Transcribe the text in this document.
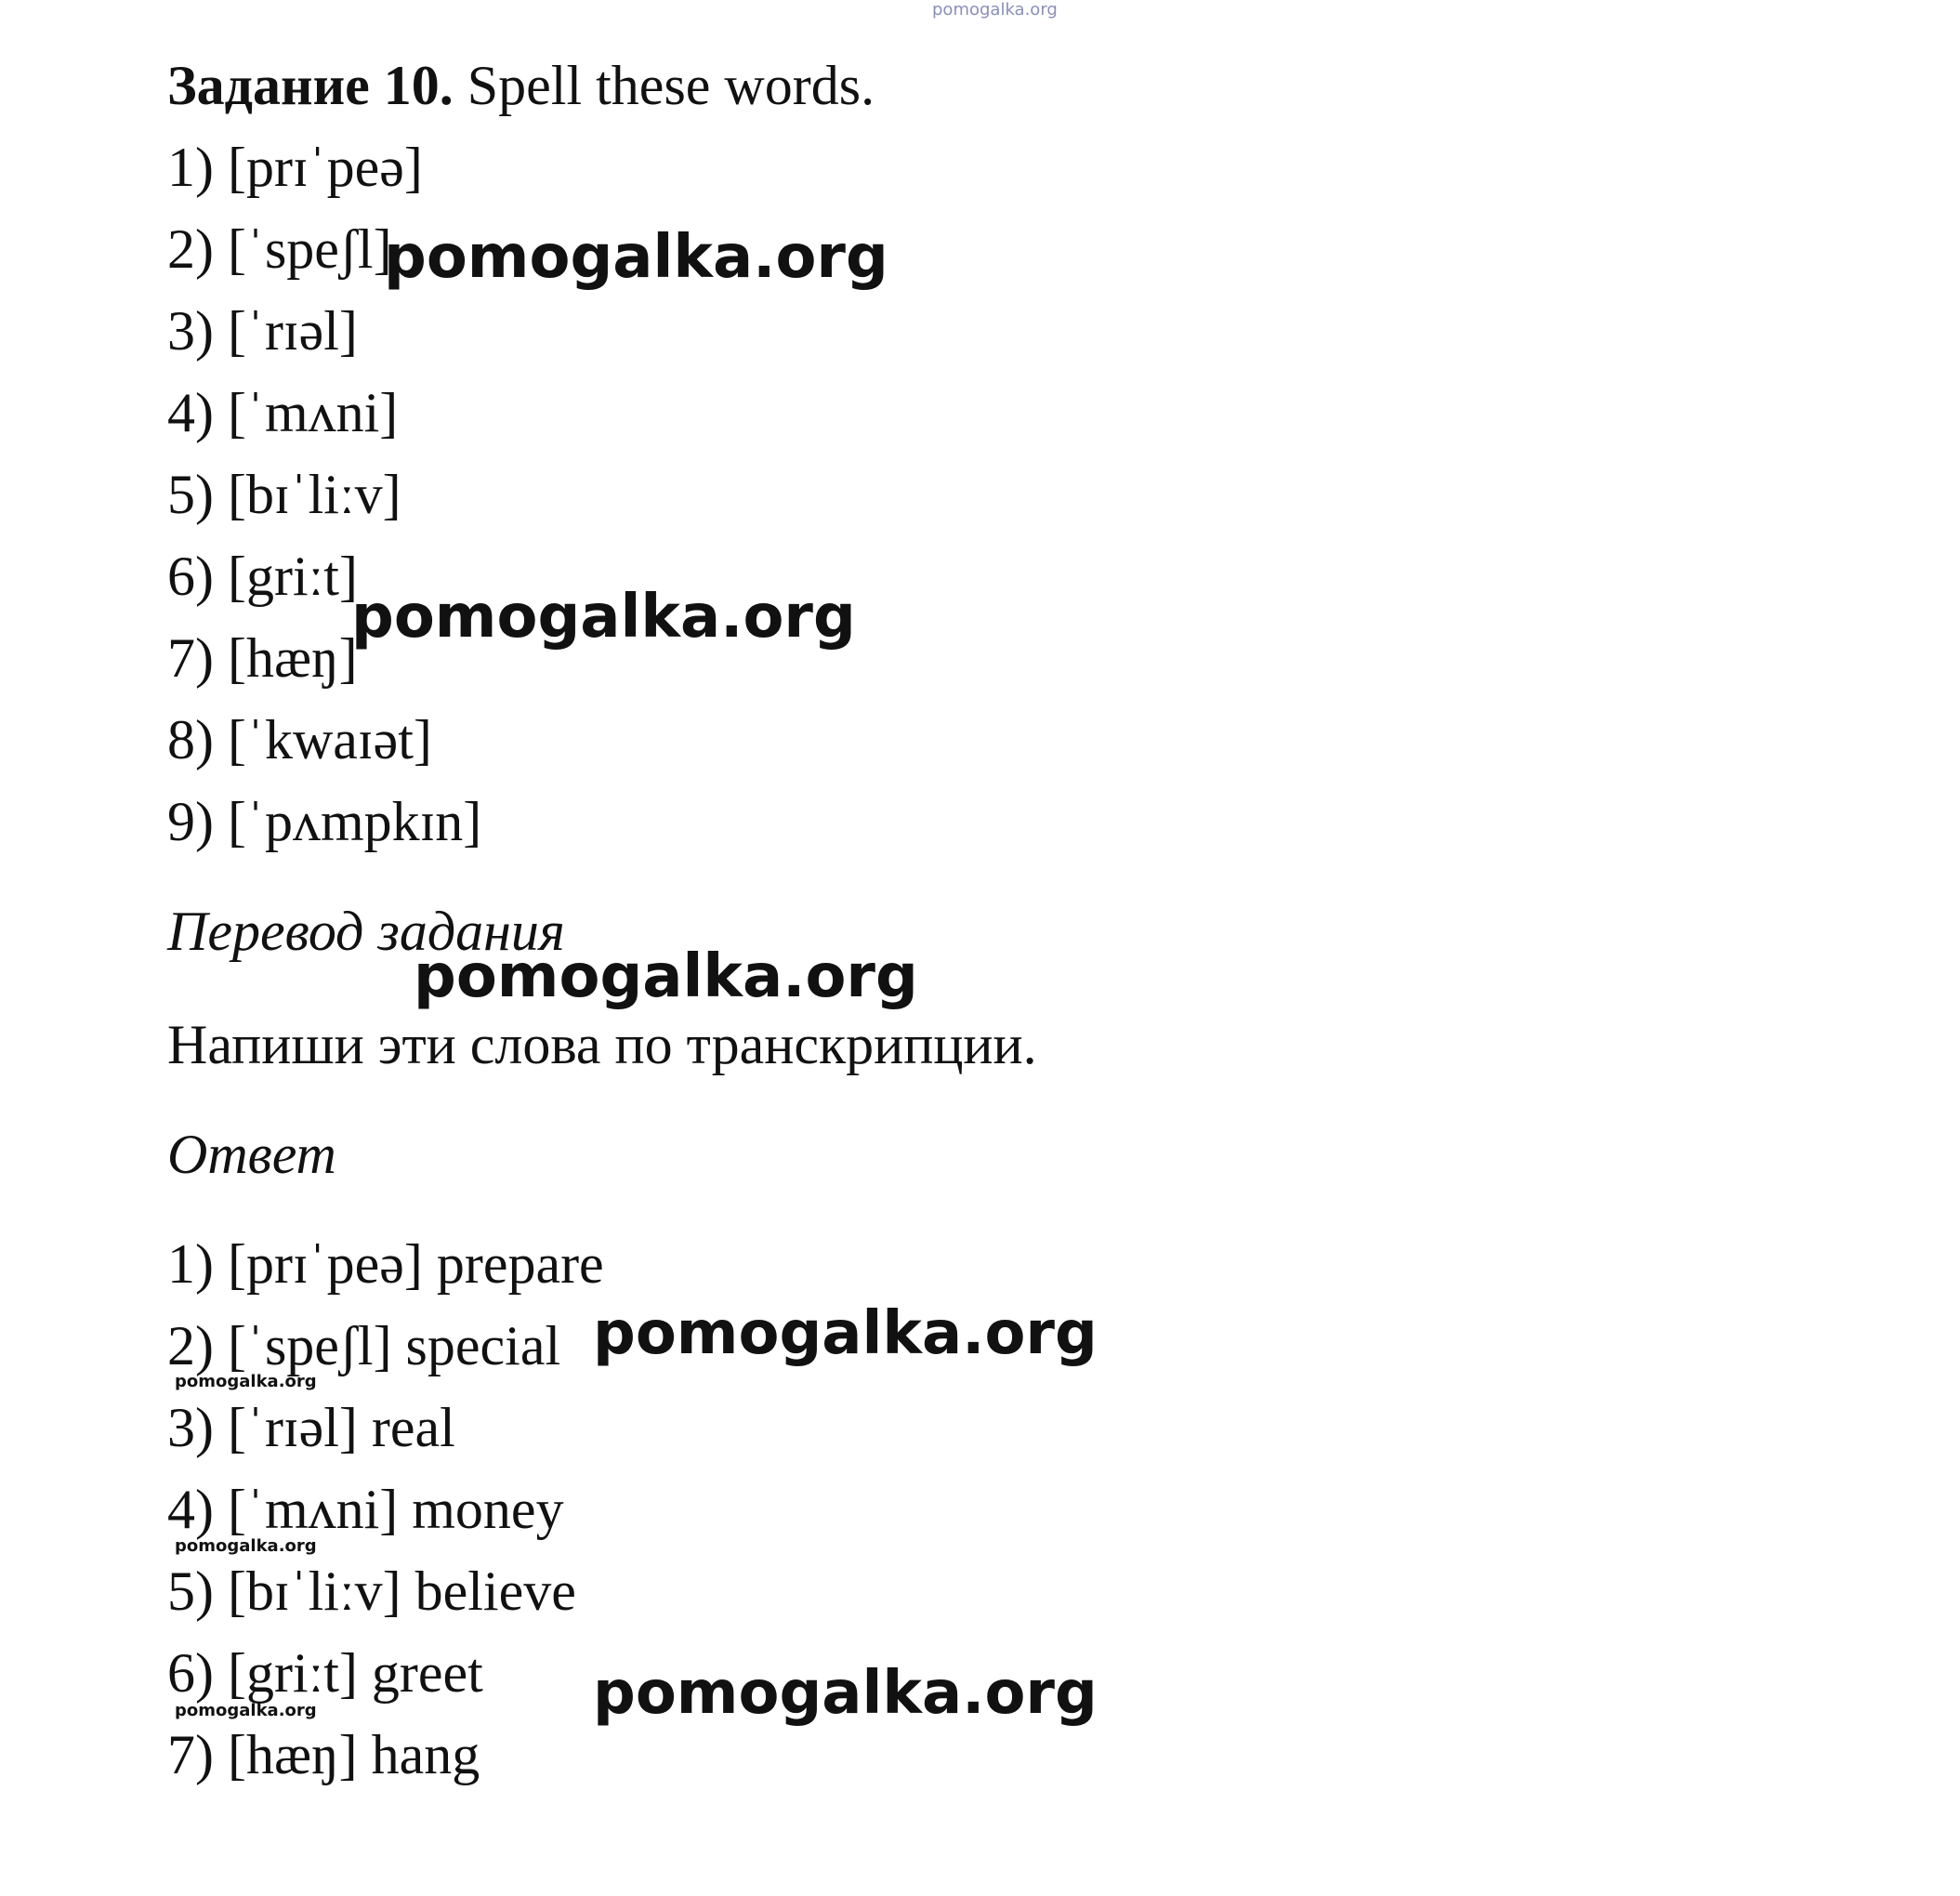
pomogalka.org
Задание 10. Spell these words.
1) [prɪˈpeə]
2) [ˈspeʃl]
3) [ˈrɪəl]
4) [ˈmʌni]
5) [bɪˈliːv]
6) [griːt]
7) [hæŋ]
8) [ˈkwaɪət]
9) [ˈpʌmpkɪn]
Перевод задания
Напиши эти слова по транскрипции.
Ответ
1) [prɪˈpeə] prepare
2) [ˈspeʃl] special
3) [ˈrɪəl] real
4) [ˈmʌni] money
5) [bɪˈliːv] believe
6) [griːt] greet
7) [hæŋ] hang
pomogalka.org
pomogalka.org
pomogalka.org
pomogalka.org
pomogalka.org
pomogalka.org
pomogalka.org
pomogalka.org
